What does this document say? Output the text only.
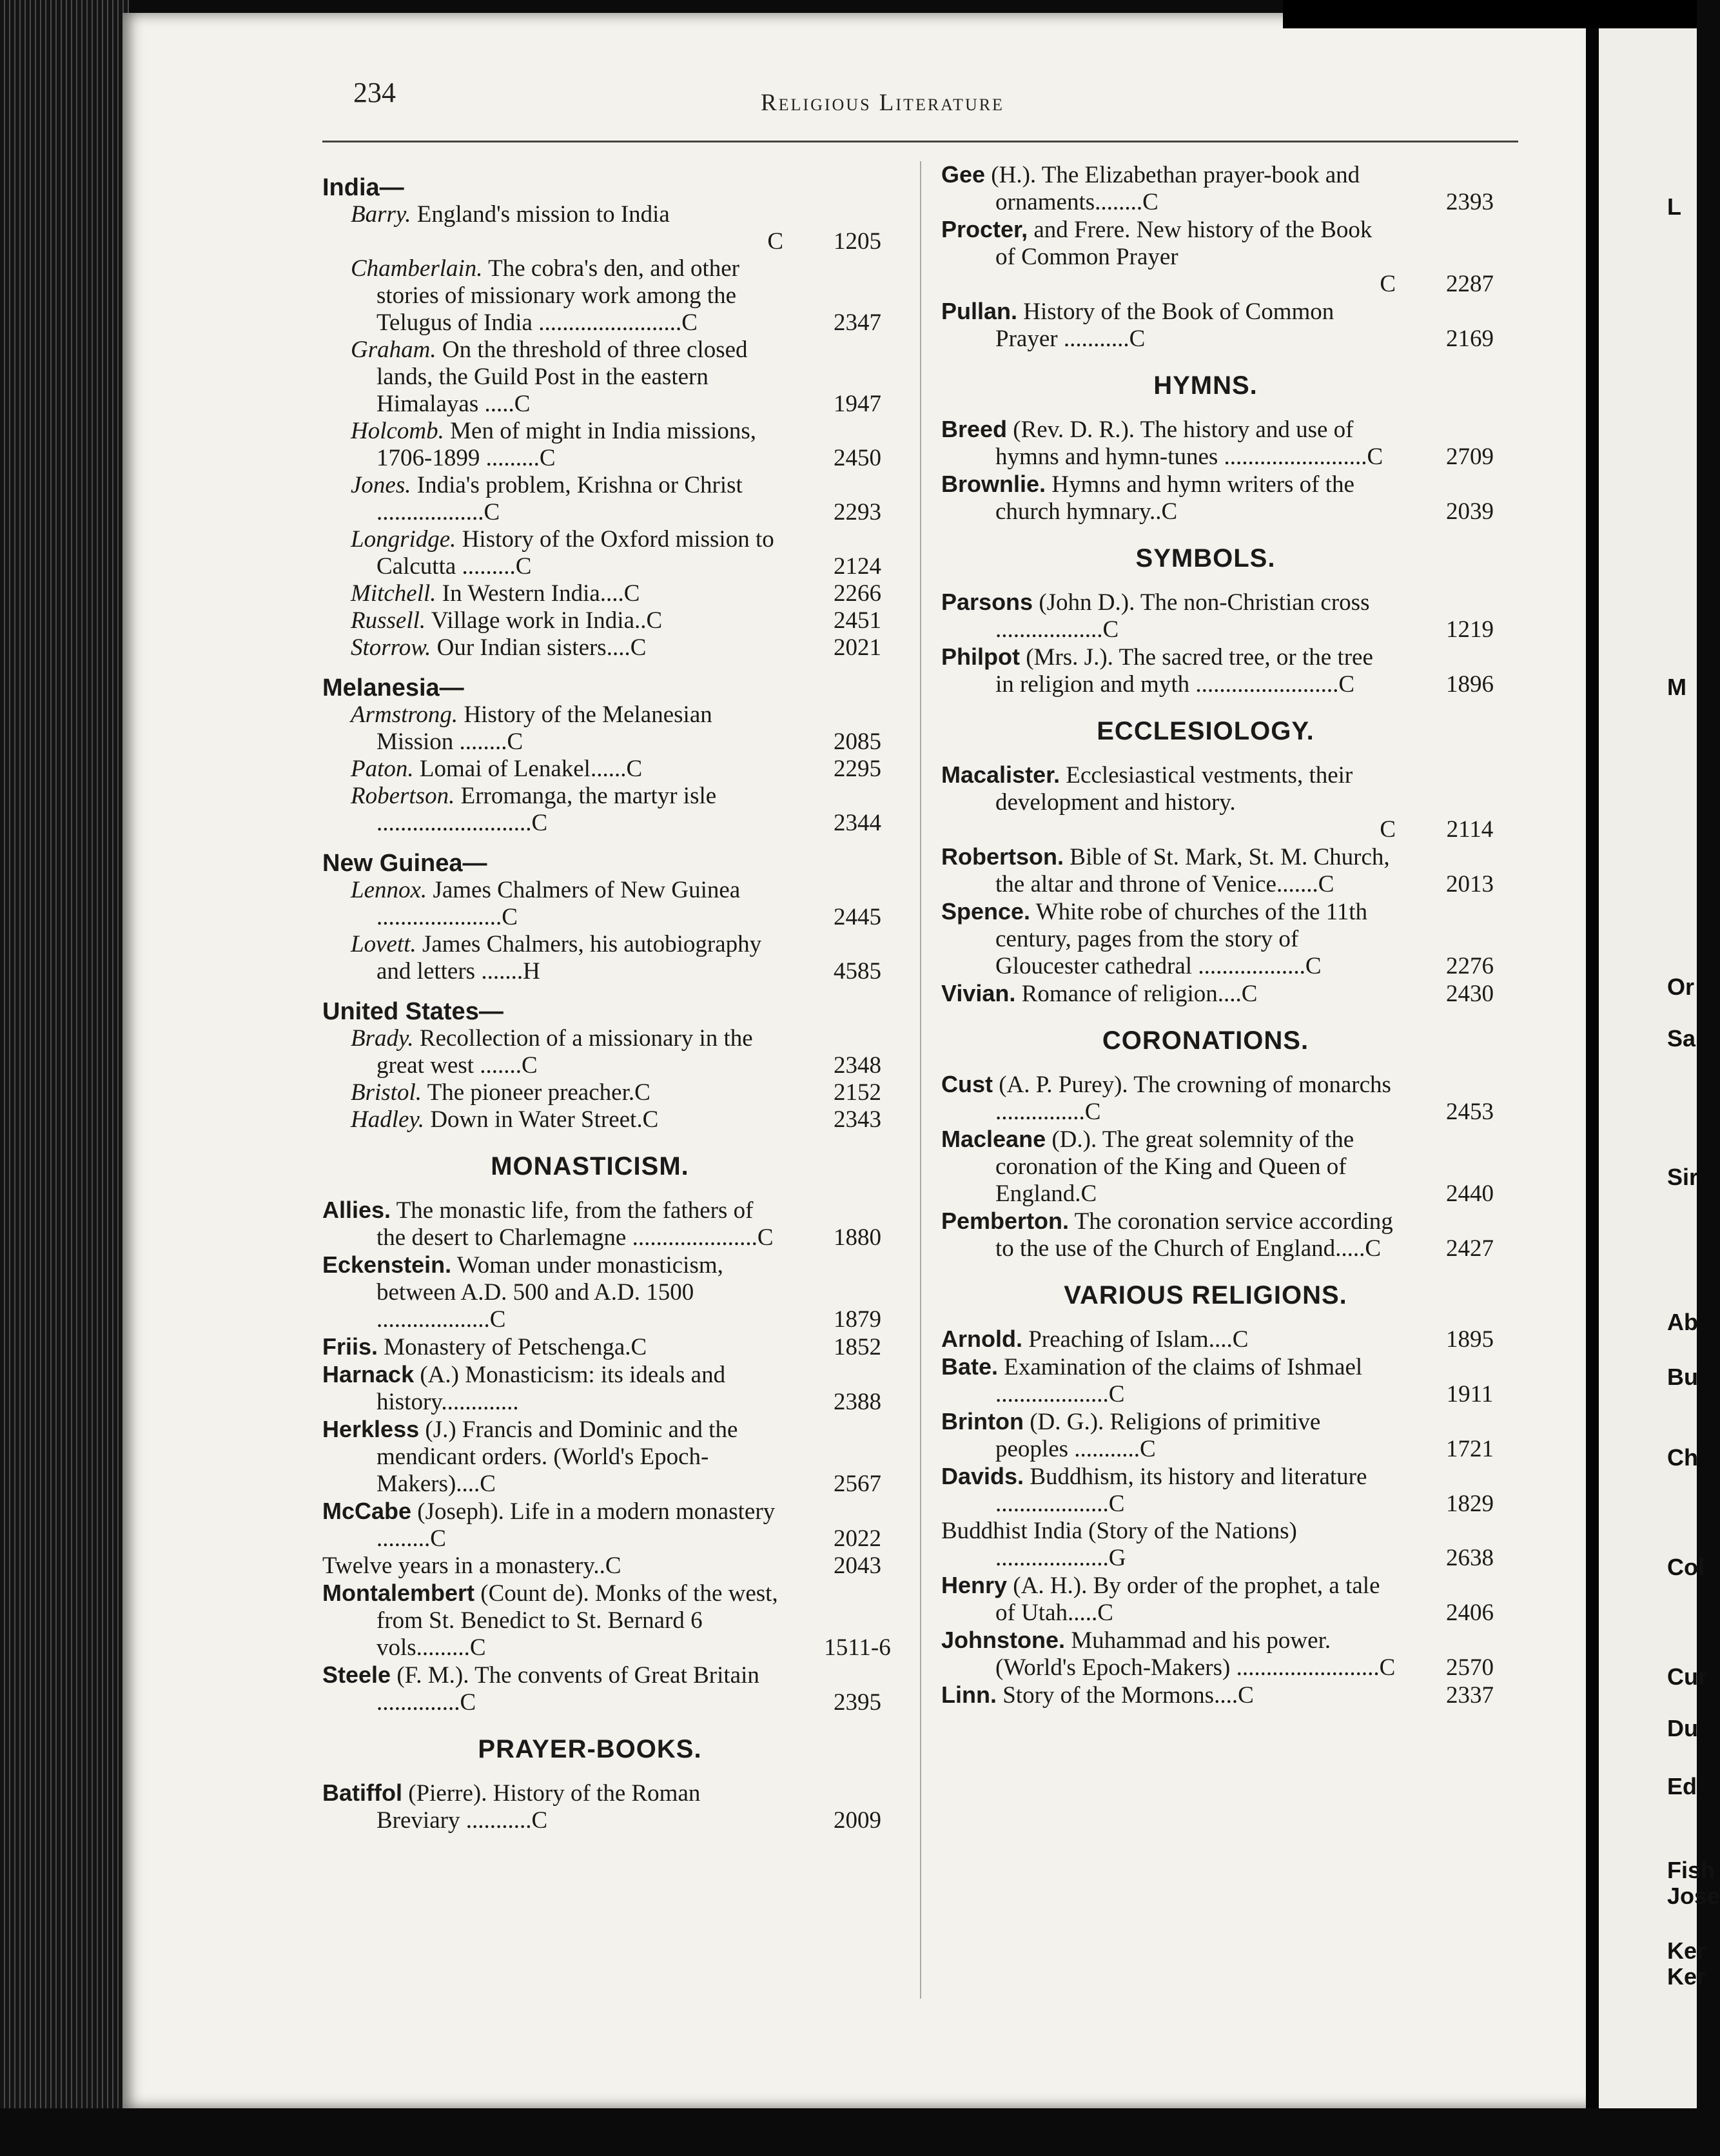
234	Religious Literature
India—
Barry. England's mission to India
C	1205
Chamberlain. The cobra's den, and other stories of missionary work among the Telugus of India ........................C	2347
Graham. On the threshold of three closed lands, the Guild Post in the eastern Himalayas .....C	1947
Holcomb. Men of might in India missions, 1706-1899 .........C	2450
Jones. India's problem, Krishna or Christ ..................C	2293
Longridge. History of the Oxford mission to Calcutta .........C	2124
Mitchell. In Western India....C	2266
Russell. Village work in India..C	2451
Storrow. Our Indian sisters....C	2021
Melanesia—
Armstrong. History of the Melanesian Mission ........C	2085
Paton. Lomai of Lenakel......C	2295
Robertson. Erromanga, the martyr isle ..........................C	2344
New Guinea—
Lennox. James Chalmers of New Guinea .....................C	2445
Lovett. James Chalmers, his autobiography and letters .......H	4585
United States—
Brady. Recollection of a missionary in the great west .......C	2348
Bristol. The pioneer preacher.C	2152
Hadley. Down in Water Street.C	2343
MONASTICISM.
Allies. The monastic life, from the fathers of the desert to Charlemagne .....................C	1880
Eckenstein. Woman under monasticism, between A.D. 500 and A.D. 1500 ...................C	1879
Friis. Monastery of Petschenga.C	1852
Harnack (A.) Monasticism: its ideals and history.............	2388
Herkless (J.) Francis and Dominic and the mendicant orders. (World's Epoch-Makers)....C	2567
McCabe (Joseph). Life in a modern monastery .........C	2022
Twelve years in a monastery..C	2043
Montalembert (Count de). Monks of the west, from St. Benedict to St. Bernard 6 vols.........C	1511-6
Steele (F. M.). The convents of Great Britain ..............C	2395
PRAYER-BOOKS.
Batiffol (Pierre). History of the Roman Breviary ...........C	2009
Gee (H.). The Elizabethan prayer-book and ornaments........C	2393
Procter, and Frere. New history of the Book of Common Prayer
C	2287
Pullan. History of the Book of Common Prayer ...........C	2169
HYMNS.
Breed (Rev. D. R.). The history and use of hymns and hymn-tunes ........................C	2709
Brownlie. Hymns and hymn writers of the church hymnary..C	2039
SYMBOLS.
Parsons (John D.). The non-Christian cross ..................C	1219
Philpot (Mrs. J.). The sacred tree, or the tree in religion and myth ........................C	1896
ECCLESIOLOGY.
Macalister. Ecclesiastical vestments, their development and history.
C	2114
Robertson. Bible of St. Mark, St. M. Church, the altar and throne of Venice.......C	2013
Spence. White robe of churches of the 11th century, pages from the story of Gloucester cathedral ..................C	2276
Vivian. Romance of religion....C	2430
CORONATIONS.
Cust (A. P. Purey). The crowning of monarchs ...............C	2453
Macleane (D.). The great solemnity of the coronation of the King and Queen of England.C	2440
Pemberton. The coronation service according to the use of the Church of England.....C	2427
VARIOUS RELIGIONS.
Arnold. Preaching of Islam....C	1895
Bate. Examination of the claims of Ishmael ...................C	1911
Brinton (D. G.). Religions of primitive peoples ...........C	1721
Davids. Buddhism, its history and literature ...................C	1829
Buddhist India (Story of the Nations) ...................G	2638
Henry (A. H.). By order of the prophet, a tale of Utah.....C	2406
Johnstone. Muhammad and his power. (World's Epoch-Makers) ........................C	2570
Linn. Story of the Mormons....C	2337
L
M
Or
Sa
Sir
Ab
Bu
Ch
Col
Cur
Du
Ed
Fish
Jose
Ker
Ker
